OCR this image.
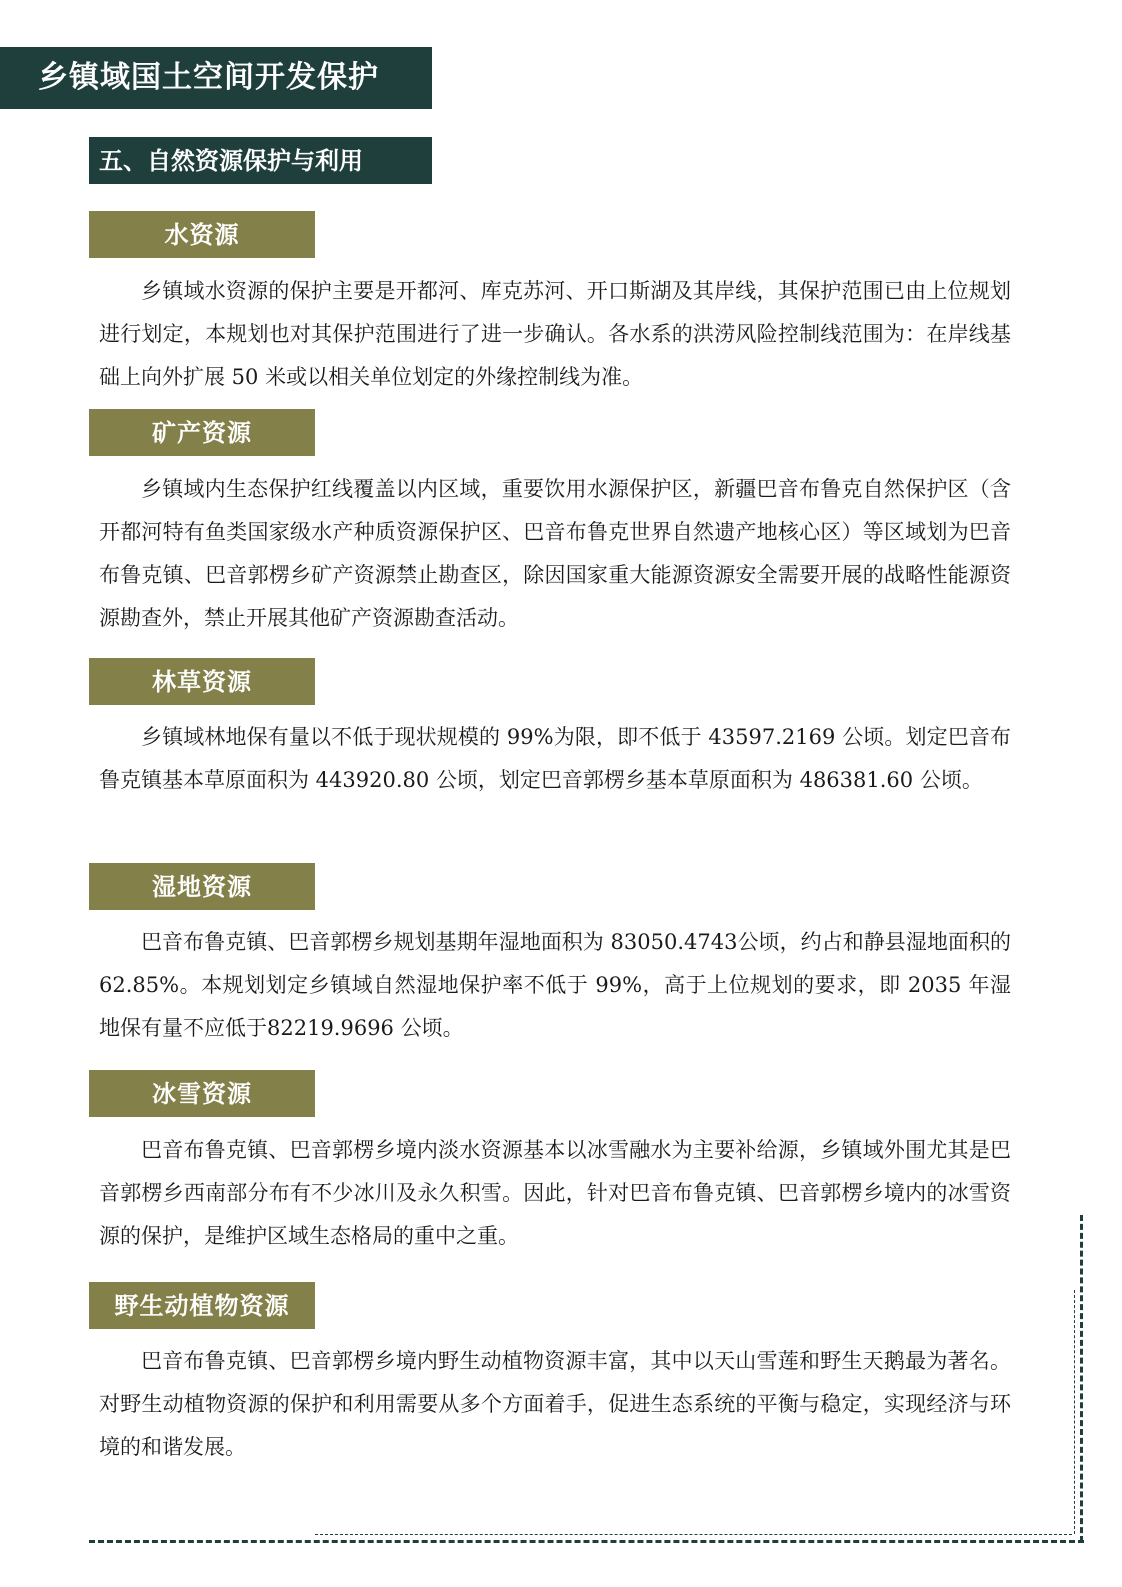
乡镇域国土空间开发保护
五、自然资源保护与利用
水资源

乡镇域水资源的保护主要是开都河、库克苏河、开口斯湖及其岸线，其保护范围已由上位规划进行划定，本规划也对其保护范围进行了进一步确认。各水系的洪涝风险控制线范围为：在岸线基础上向外扩展 50 米或以相关单位划定的外缘控制线为准。

矿产资源

乡镇域内生态保护红线覆盖以内区域，重要饮用水源保护区，新疆巴音布鲁克自然保护区（含开都河特有鱼类国家级水产种质资源保护区、巴音布鲁克世界自然遗产地核心区）等区域划为巴音布鲁克镇、巴音郭楞乡矿产资源禁止勘查区，除因国家重大能源资源安全需要开展的战略性能源资源勘查外，禁止开展其他矿产资源勘查活动。

林草资源

乡镇域林地保有量以不低于现状规模的 99%为限，即不低于 43597.2169 公顷。划定巴音布鲁克镇基本草原面积为 443920.80 公顷，划定巴音郭楞乡基本草原面积为 486381.60 公顷。

湿地资源

巴音布鲁克镇、巴音郭楞乡规划基期年湿地面积为 83050.4743公顷，约占和静县湿地面积的 62.85%。本规划划定乡镇域自然湿地保护率不低于 99%，高于上位规划的要求，即 2035 年湿地保有量不应低于82219.9696 公顷。

冰雪资源

巴音布鲁克镇、巴音郭楞乡境内淡水资源基本以冰雪融水为主要补给源，乡镇域外围尤其是巴音郭楞乡西南部分布有不少冰川及永久积雪。因此，针对巴音布鲁克镇、巴音郭楞乡境内的冰雪资源的保护，是维护区域生态格局的重中之重。

野生动植物资源

巴音布鲁克镇、巴音郭楞乡境内野生动植物资源丰富，其中以天山雪莲和野生天鹅最为著名。对野生动植物资源的保护和利用需要从多个方面着手，促进生态系统的平衡与稳定，实现经济与环境的和谐发展。
